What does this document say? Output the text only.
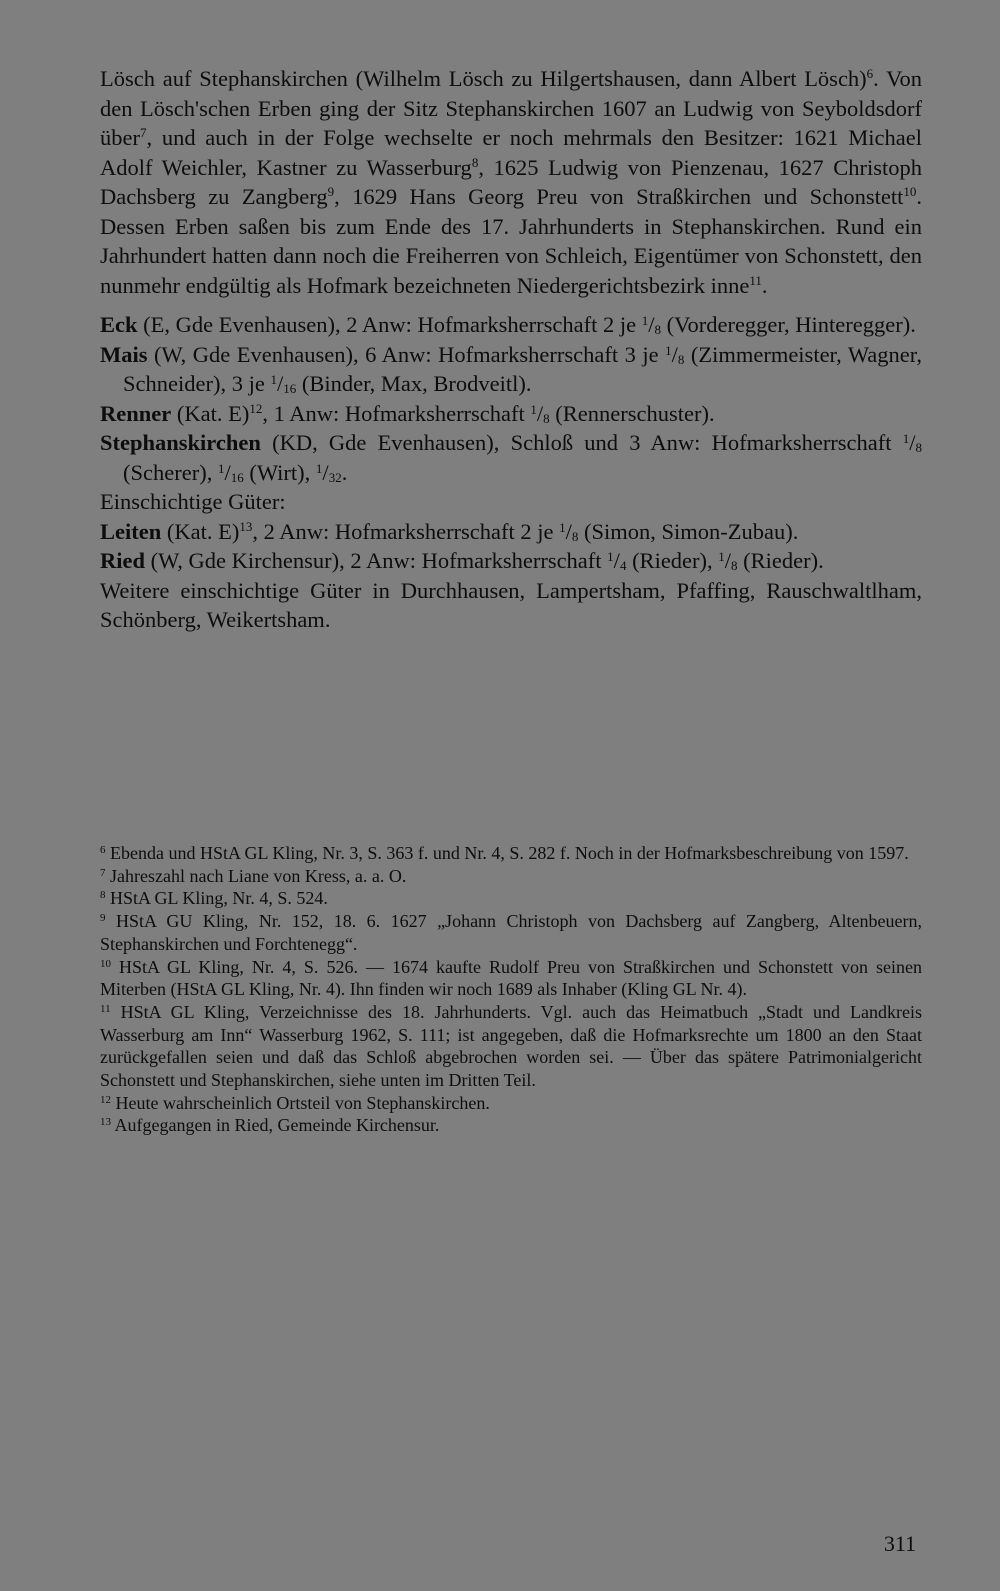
Lösch auf Stephanskirchen (Wilhelm Lösch zu Hilgertshausen, dann Albert Lösch)$^6$. Von den Lösch'schen Erben ging der Sitz Stephanskirchen 1607 an Ludwig von Seyboldsdorf über$^7$, und auch in der Folge wechselte er noch mehrmals den Besitzer: 1621 Michael Adolf Weichler, Kastner zu Wasserburg$^8$, 1625 Ludwig von Pienzenau, 1627 Christoph Dachsberg zu Zangberg$^9$, 1629 Hans Georg Preu von Straßkirchen und Schonstett$^{10}$. Dessen Erben saßen bis zum Ende des 17. Jahrhunderts in Stephanskirchen. Rund ein Jahrhundert hatten dann noch die Freiherren von Schleich, Eigentümer von Schonstett, den nunmehr endgültig als Hofmark bezeichneten Niedergerichtsbezirk inne$^{11}$.

Eck (E, Gde Evenhausen), 2 Anw: Hofmarksherrschaft 2 je $^1$/8 (Vorderegger, Hinteregger).

Mais (W, Gde Evenhausen), 6 Anw: Hofmarksherrschaft 3 je $^1$/8 (Zimmermeister, Wagner, Schneider), 3 je $^1$/16 (Binder, Max, Brodveitl).

Renner (Kat. E)$^{12}$, 1 Anw: Hofmarksherrschaft $^1$/8 (Rennerschuster).

Stephanskirchen (KD, Gde Evenhausen), Schloß und 3 Anw: Hofmarksherrschaft $^1$/8 (Scherer), $^1$/16 (Wirt), $^1$/32.

Einschichtige Güter:

Leiten (Kat. E)$^{13}$, 2 Anw: Hofmarksherrschaft 2 je $^1$/8 (Simon, Simon-Zubau).

Ried (W, Gde Kirchensur), 2 Anw: Hofmarksherrschaft $^1$/4 (Rieder), $^1$/8 (Rieder).

Weitere einschichtige Güter in Durchhausen, Lampertsham, Pfaffing, Rauschwaltlham, Schönberg, Weikertsham.

$^6$ Ebenda und HStA GL Kling, Nr. 3, S. 363 f. und Nr. 4, S. 282 f. Noch in der Hofmarksbeschreibung von 1597.

$^7$ Jahreszahl nach Liane von Kress, a. a. O.

$^8$ HStA GL Kling, Nr. 4, S. 524.

$^9$ HStA GU Kling, Nr. 152, 18. 6. 1627 „Johann Christoph von Dachsberg auf Zangberg, Altenbeuern, Stephanskirchen und Forchtenegg“.

$^{10}$ HStA GL Kling, Nr. 4, S. 526. — 1674 kaufte Rudolf Preu von Straßkirchen und Schonstett von seinen Miterben (HStA GL Kling, Nr. 4). Ihn finden wir noch 1689 als Inhaber (Kling GL Nr. 4).

$^{11}$ HStA GL Kling, Verzeichnisse des 18. Jahrhunderts. Vgl. auch das Heimatbuch „Stadt und Landkreis Wasserburg am Inn“ Wasserburg 1962, S. 111; ist angegeben, daß die Hofmarksrechte um 1800 an den Staat zurückgefallen seien und daß das Schloß abgebrochen worden sei. — Über das spätere Patrimonialgericht Schonstett und Stephanskirchen, siehe unten im Dritten Teil.

$^{12}$ Heute wahrscheinlich Ortsteil von Stephanskirchen.

$^{13}$ Aufgegangen in Ried, Gemeinde Kirchensur.

311
